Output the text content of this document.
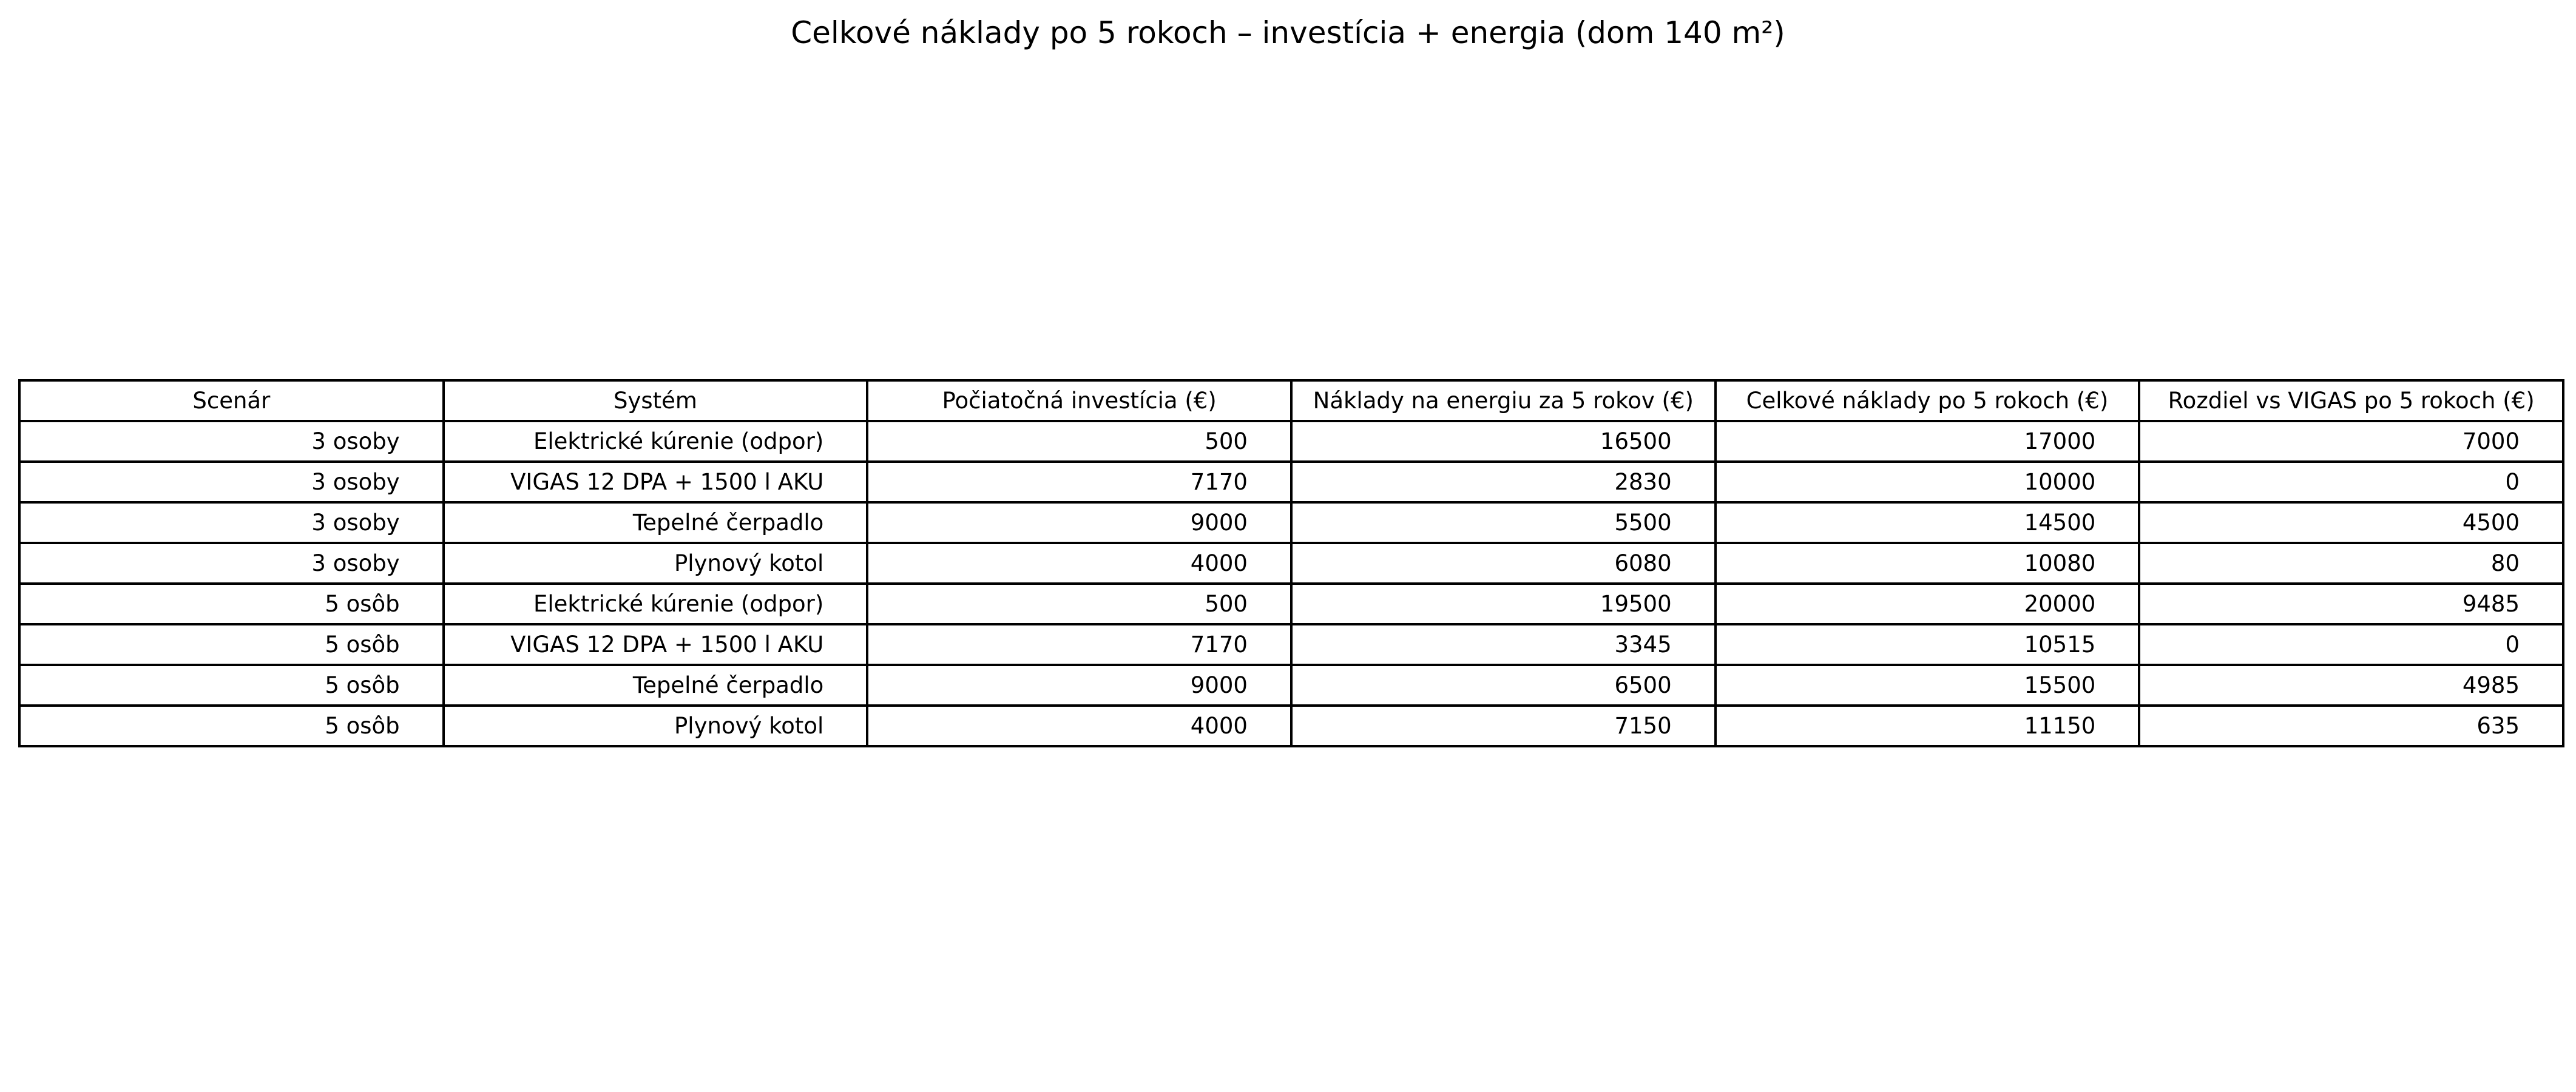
Celkové náklady po 5 rokoch – investícia + energia (dom 140 m²)
Scenár	Systém	Počiatočná investícia (€)	Náklady na energiu za 5 rokov (€)	Celkové náklady po 5 rokoch (€)	Rozdiel vs VIGAS po 5 rokoch (€)
3 osoby	Elektrické kúrenie (odpor)	500	16500	17000	7000
3 osoby	VIGAS 12 DPA + 1500 l AKU	7170	2830	10000	0
3 osoby	Tepelné čerpadlo	9000	5500	14500	4500
3 osoby	Plynový kotol	4000	6080	10080	80
5 osôb	Elektrické kúrenie (odpor)	500	19500	20000	9485
5 osôb	VIGAS 12 DPA + 1500 l AKU	7170	3345	10515	0
5 osôb	Tepelné čerpadlo	9000	6500	15500	4985
5 osôb	Plynový kotol	4000	7150	11150	635
